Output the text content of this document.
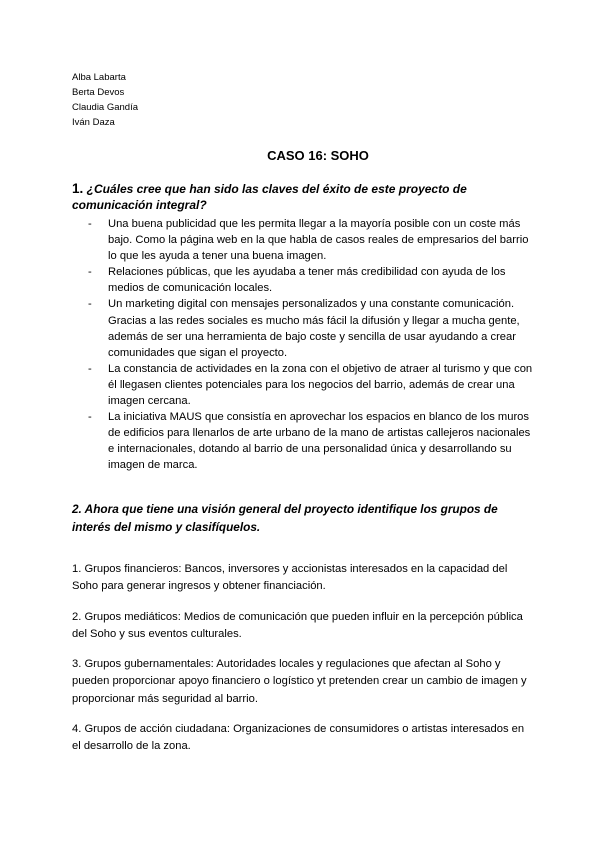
Alba Labarta
Berta Devos
Claudia Gandía
Iván Daza
CASO 16: SOHO

1. ¿Cuáles cree que han sido las claves del éxito de este proyecto de comunicación integral?

- Una buena publicidad que les permita llegar a la mayoría posible con un coste más bajo. Como la página web en la que habla de casos reales de empresarios del barrio lo que les ayuda a tener una buena imagen.
- Relaciones públicas, que les ayudaba a tener más credibilidad con ayuda de los medios de comunicación locales.
- Un marketing digital con mensajes personalizados y una constante comunicación. Gracias a las redes sociales es mucho más fácil la difusión y llegar a mucha gente, además de ser una herramienta de bajo coste y sencilla de usar ayudando a crear comunidades que sigan el proyecto.
- La constancia de actividades en la zona con el objetivo de atraer al turismo y que con él llegasen clientes potenciales para los negocios del barrio, además de crear una imagen cercana.
- La iniciativa MAUS que consistía en aprovechar los espacios en blanco de los muros de edificios para llenarlos de arte urbano de la mano de artistas callejeros nacionales e internacionales, dotando al barrio de una personalidad única y desarrollando su imagen de marca.

2. Ahora que tiene una visión general del proyecto identifique los grupos de interés del mismo y clasifíquelos.

1. Grupos financieros: Bancos, inversores y accionistas interesados en la capacidad del Soho para generar ingresos y obtener financiación.

2. Grupos mediáticos: Medios de comunicación que pueden influir en la percepción pública del Soho y sus eventos culturales.

3. Grupos gubernamentales: Autoridades locales y regulaciones que afectan al Soho y pueden proporcionar apoyo financiero o logístico yt pretenden crear un cambio de imagen y proporcionar más seguridad al barrio.

4. Grupos de acción ciudadana: Organizaciones de consumidores o artistas interesados en el desarrollo de la zona.
